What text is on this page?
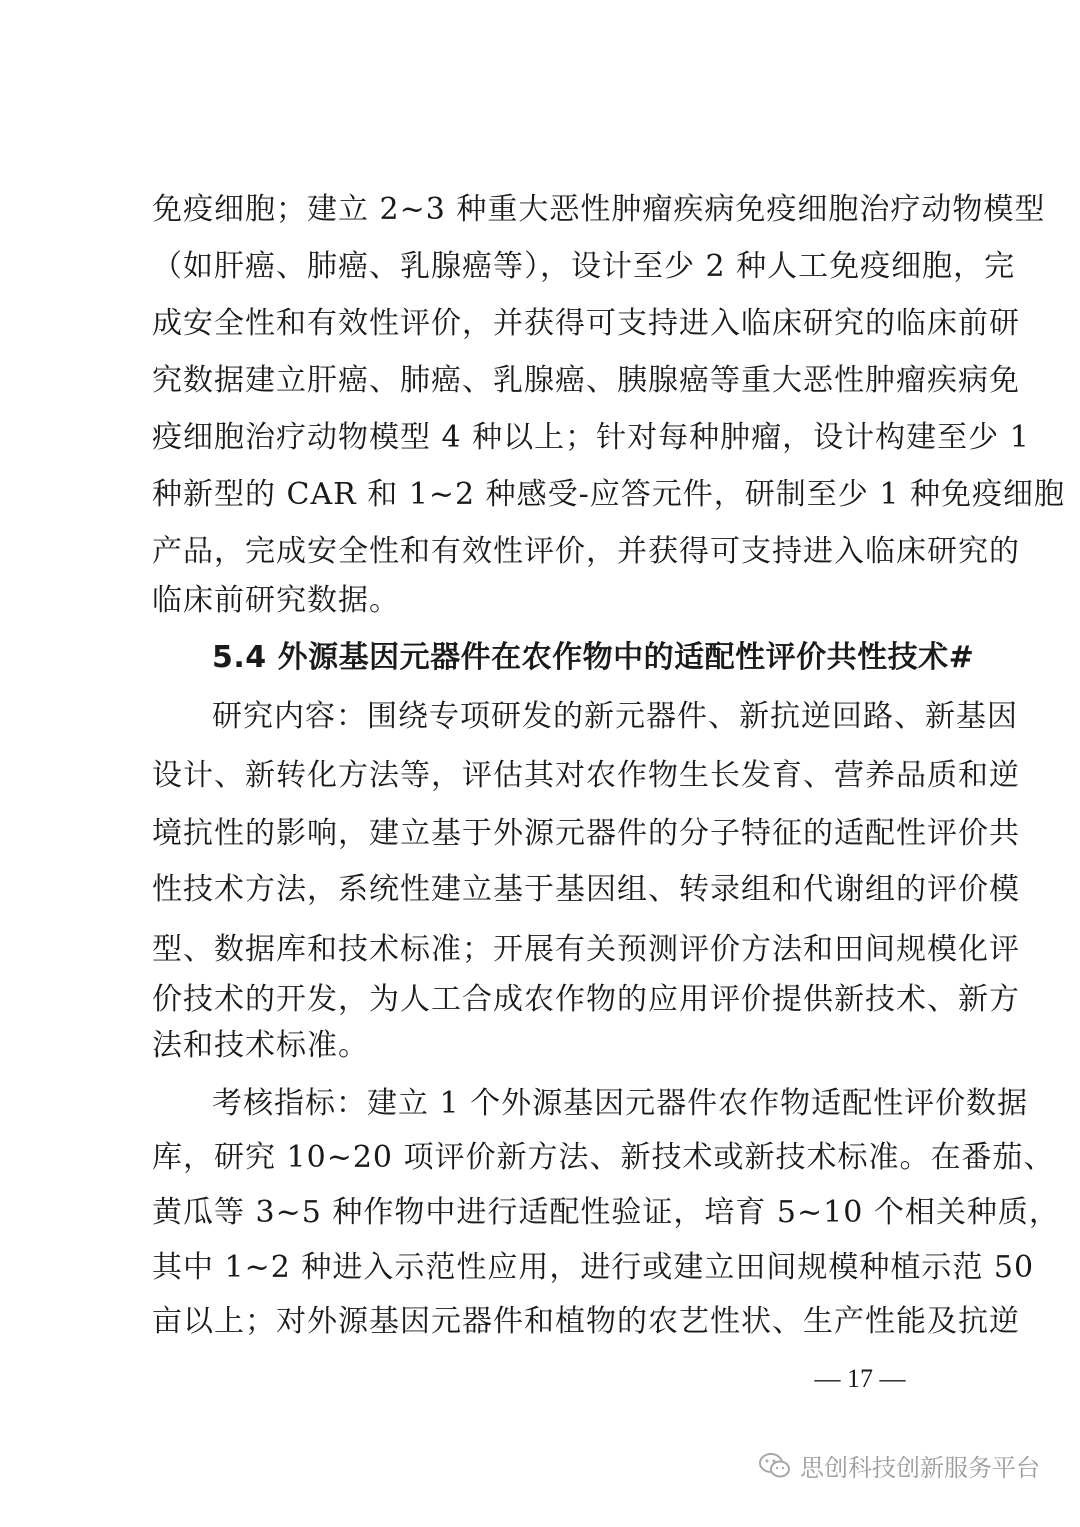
免疫细胞；建立 2~3 种重大恶性肿瘤疾病免疫细胞治疗动物模型
（如肝癌、肺癌、乳腺癌等），设计至少 2 种人工免疫细胞，完
成安全性和有效性评价，并获得可支持进入临床研究的临床前研
究数据建立肝癌、肺癌、乳腺癌、胰腺癌等重大恶性肿瘤疾病免
疫细胞治疗动物模型 4 种以上；针对每种肿瘤，设计构建至少 1
种新型的 CAR 和 1~2 种感受-应答元件，研制至少 1 种免疫细胞
产品，完成安全性和有效性评价，并获得可支持进入临床研究的
临床前研究数据。
5.4 外源基因元器件在农作物中的适配性评价共性技术#
研究内容：围绕专项研发的新元器件、新抗逆回路、新基因
设计、新转化方法等，评估其对农作物生长发育、营养品质和逆
境抗性的影响，建立基于外源元器件的分子特征的适配性评价共
性技术方法，系统性建立基于基因组、转录组和代谢组的评价模
型、数据库和技术标准；开展有关预测评价方法和田间规模化评
价技术的开发，为人工合成农作物的应用评价提供新技术、新方
法和技术标准。
考核指标：建立 1 个外源基因元器件农作物适配性评价数据
库，研究 10~20 项评价新方法、新技术或新技术标准。在番茄、
黄瓜等 3~5 种作物中进行适配性验证，培育 5~10 个相关种质，
其中 1~2 种进入示范性应用，进行或建立田间规模种植示范 50
亩以上；对外源基因元器件和植物的农艺性状、生产性能及抗逆
— 17 —
思创科技创新服务平台
